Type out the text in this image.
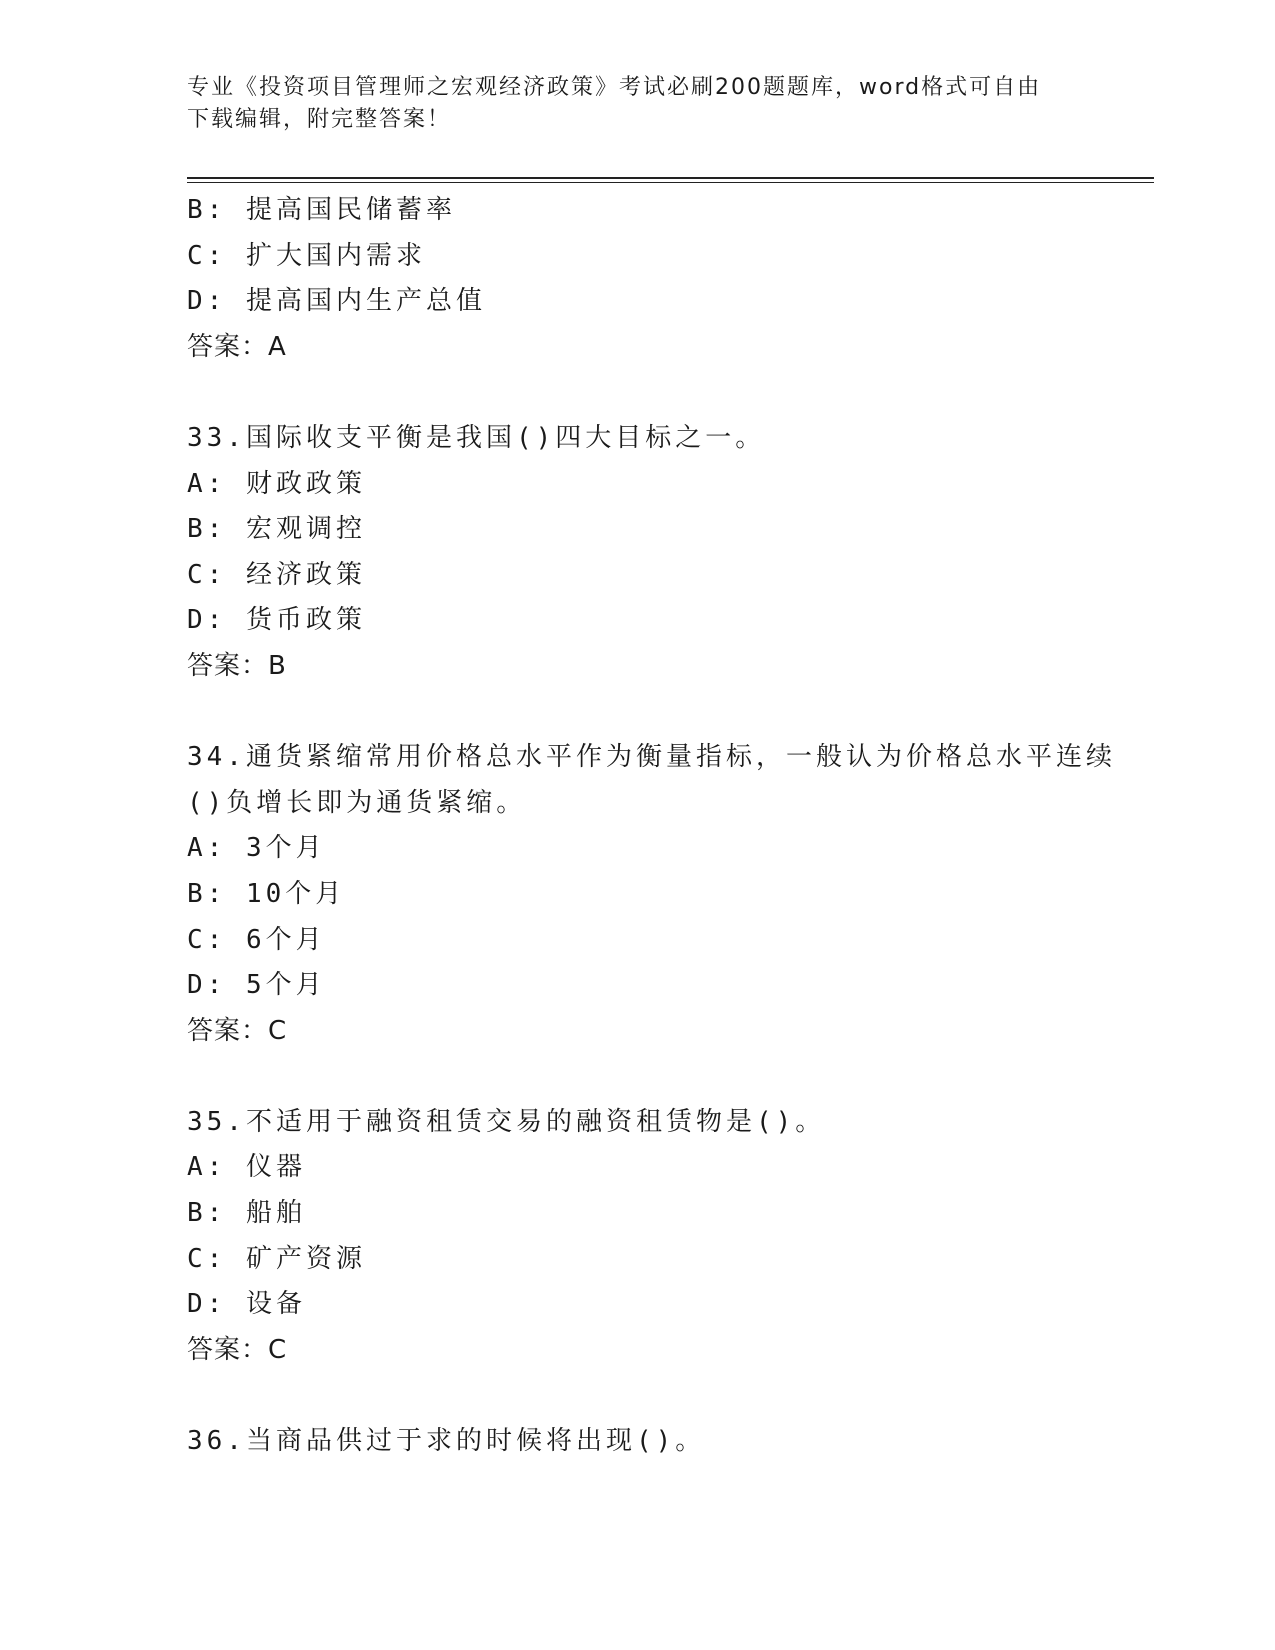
专业《投资项目管理师之宏观经济政策》考试必刷200题题库，word格式可自由
下载编辑，附完整答案！
B: 提高国民储蓄率
C: 扩大国内需求
D: 提高国内生产总值
答案：A
33.国际收支平衡是我国()四大目标之一。
A: 财政政策
B: 宏观调控
C: 经济政策
D: 货币政策
答案：B
34.通货紧缩常用价格总水平作为衡量指标，一般认为价格总水平连续
()负增长即为通货紧缩。
A: 3个月
B: 10个月
C: 6个月
D: 5个月
答案：C
35.不适用于融资租赁交易的融资租赁物是()。
A: 仪器
B: 船舶
C: 矿产资源
D: 设备
答案：C
36.当商品供过于求的时候将出现()。
